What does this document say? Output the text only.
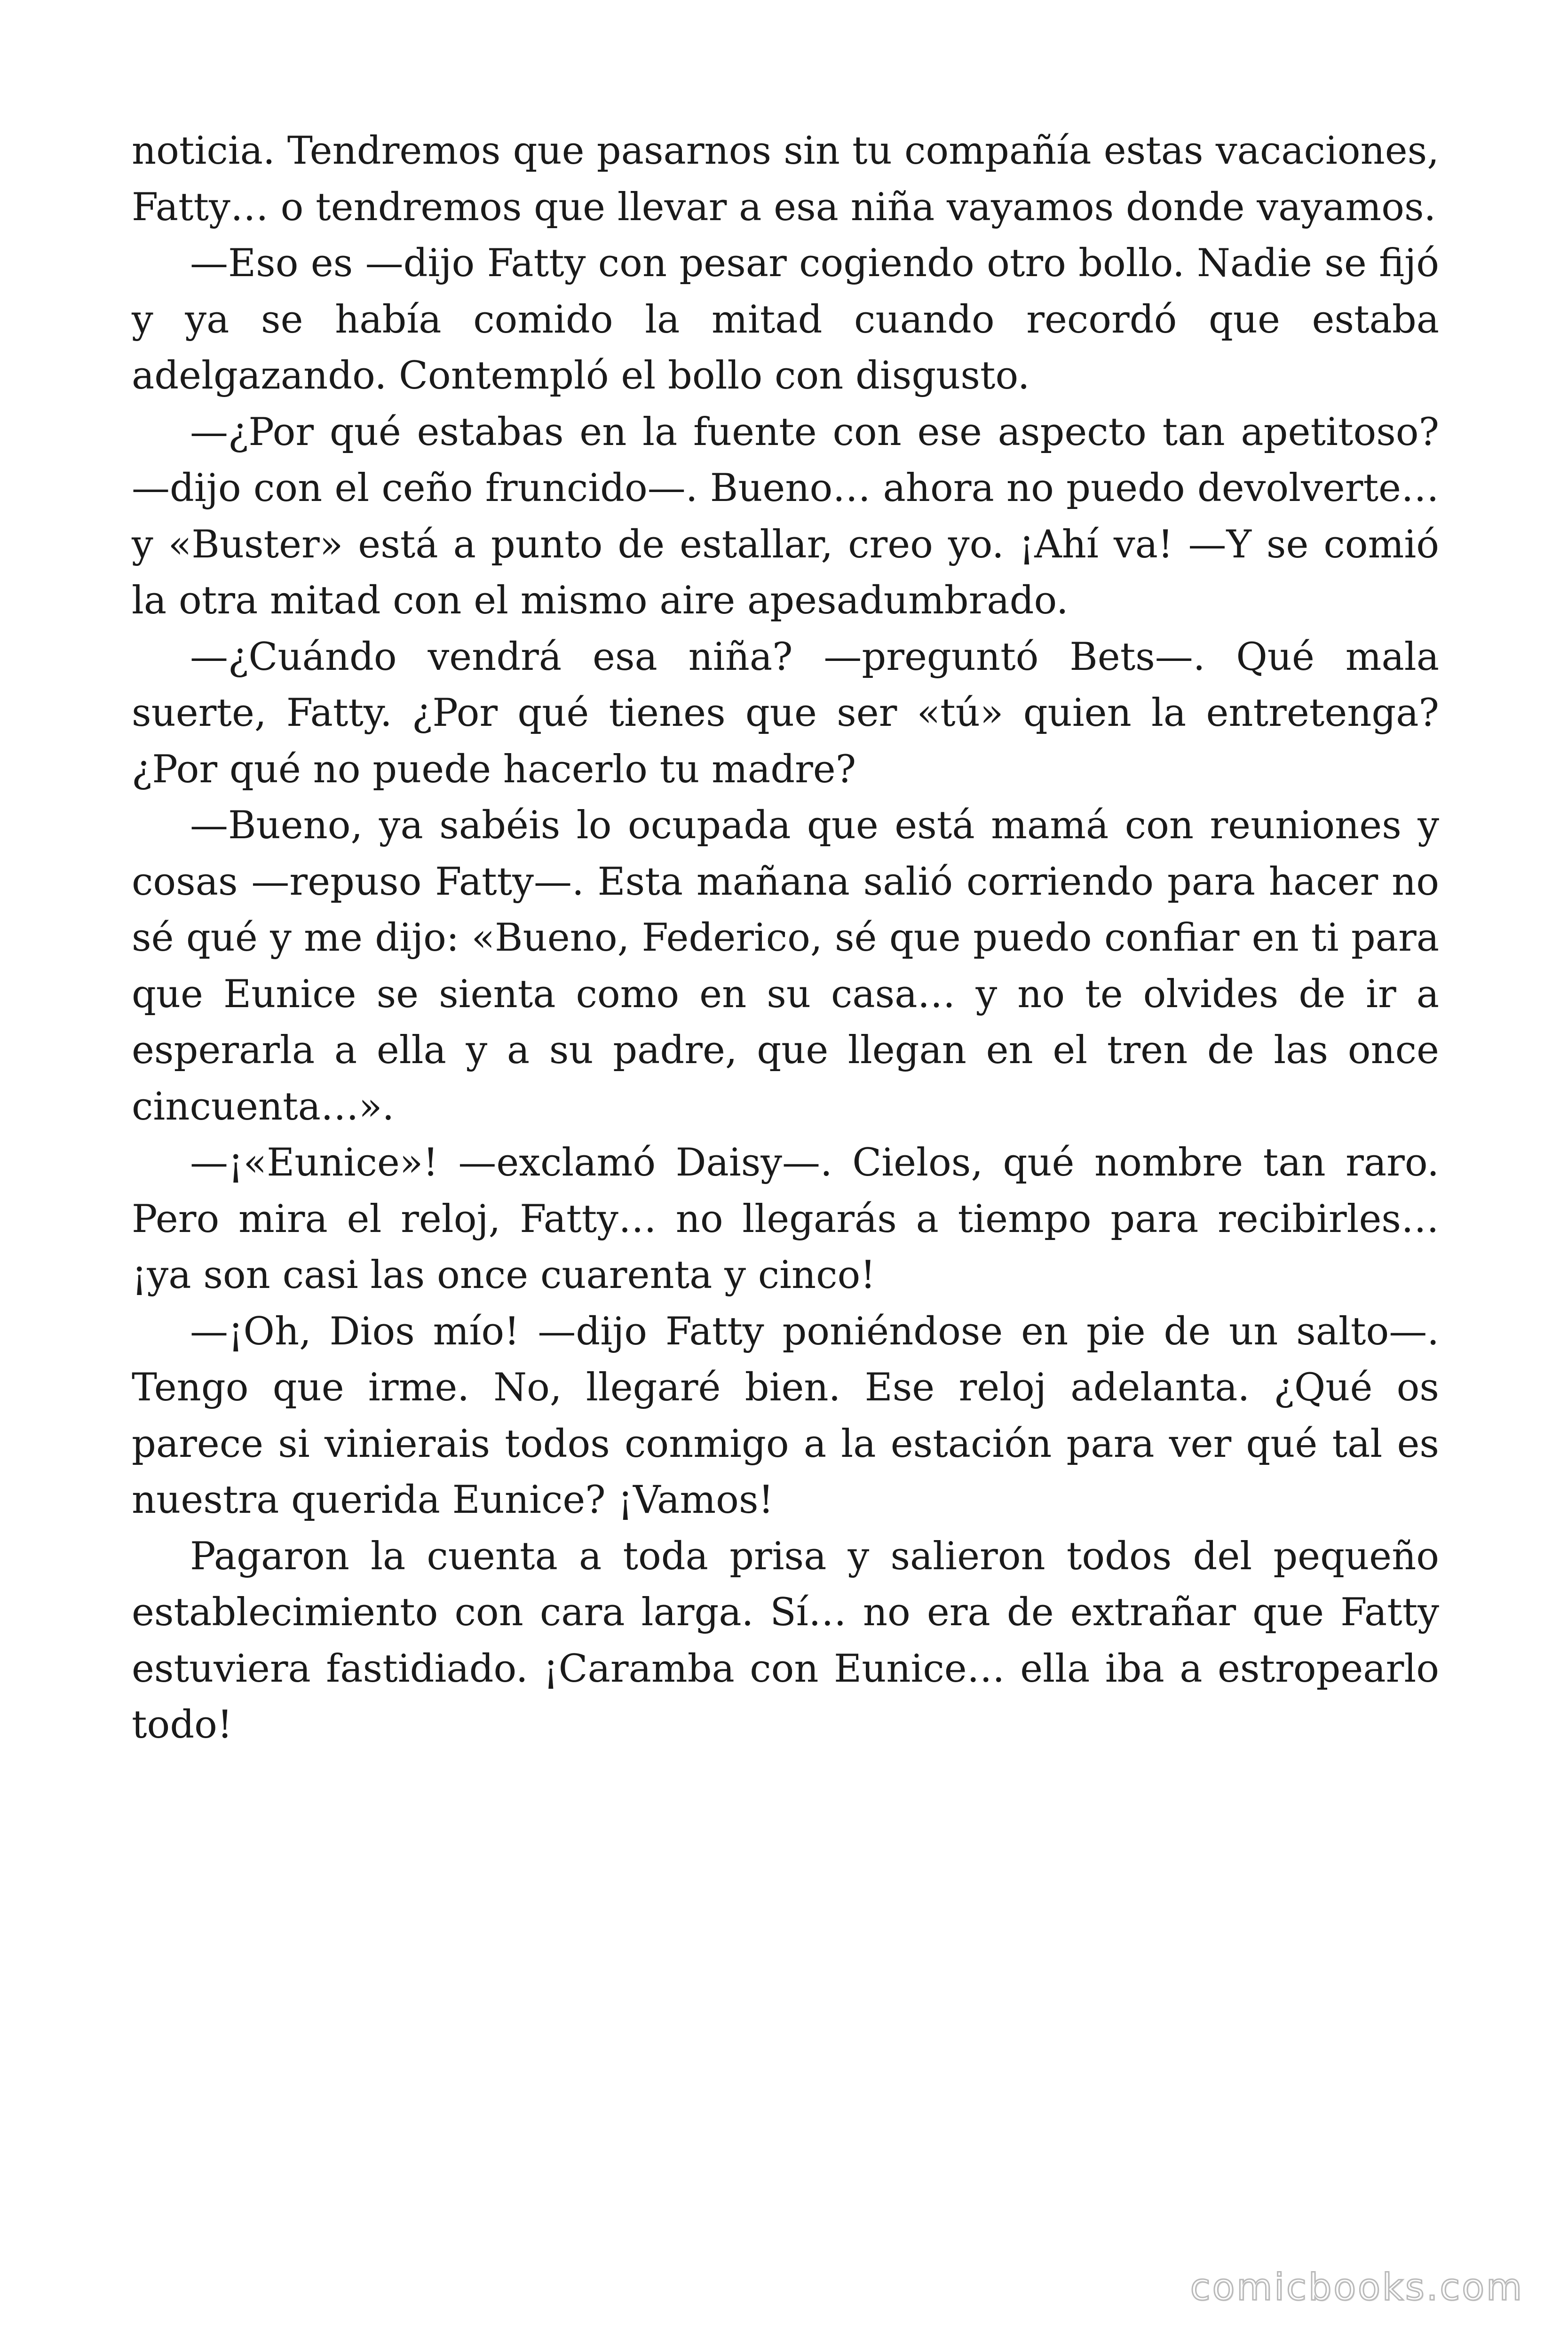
noticia. Tendremos que pasarnos sin tu compañía estas vacaciones, Fatty… o tendremos que llevar a esa niña vayamos donde vayamos.

—Eso es —dijo Fatty con pesar cogiendo otro bollo. Nadie se fijó y ya se había comido la mitad cuando recordó que estaba adelgazando. Contempló el bollo con disgusto.

—¿Por qué estabas en la fuente con ese aspecto tan apetitoso? —dijo con el ceño fruncido—. Bueno… ahora no puedo devolverte… y «Buster» está a punto de estallar, creo yo. ¡Ahí va! —Y se comió la otra mitad con el mismo aire apesadumbrado.

—¿Cuándo vendrá esa niña? —preguntó Bets—. Qué mala suerte, Fatty. ¿Por qué tienes que ser «tú» quien la entretenga? ¿Por qué no puede hacerlo tu madre?

—Bueno, ya sabéis lo ocupada que está mamá con reuniones y cosas —repuso Fatty—. Esta mañana salió corriendo para hacer no sé qué y me dijo: «Bueno, Federico, sé que puedo confiar en ti para que Eunice se sienta como en su casa… y no te olvides de ir a esperarla a ella y a su padre, que llegan en el tren de las once cincuenta…».

—¡«Eunice»! —exclamó Daisy—. Cielos, qué nombre tan raro. Pero mira el reloj, Fatty… no llegarás a tiempo para recibirles… ¡ya son casi las once cuarenta y cinco!

—¡Oh, Dios mío! —dijo Fatty poniéndose en pie de un salto—. Tengo que irme. No, llegaré bien. Ese reloj adelanta. ¿Qué os parece si vinierais todos conmigo a la estación para ver qué tal es nuestra querida Eunice? ¡Vamos!

Pagaron la cuenta a toda prisa y salieron todos del pequeño establecimiento con cara larga. Sí… no era de extrañar que Fatty estuviera fastidiado. ¡Caramba con Eunice… ella iba a estropearlo todo!

comicbooks.com
